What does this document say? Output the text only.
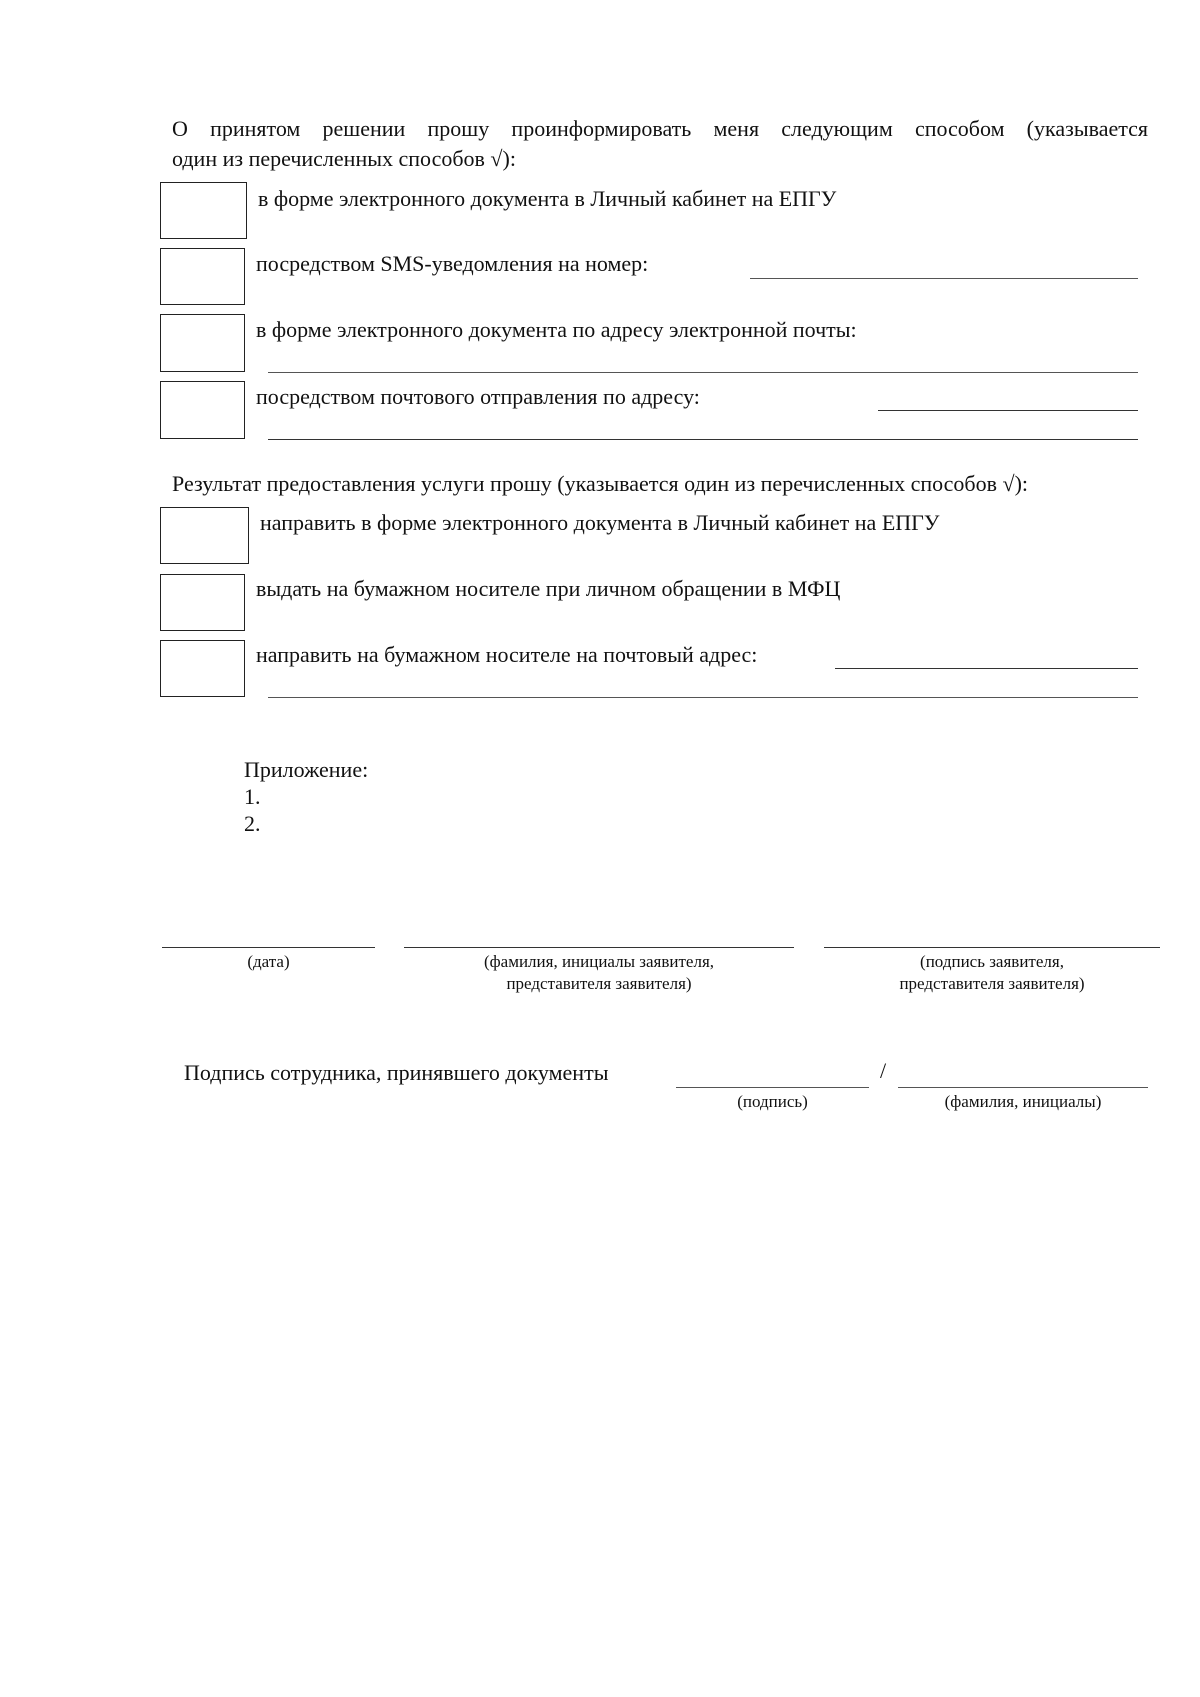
О принятом решении прошу проинформировать меня следующим способом (указывается
один из перечисленных способов √):
в форме электронного документа в Личный кабинет на ЕПГУ
посредством SMS-уведомления на номер:
в форме электронного документа по адресу электронной почты:
посредством почтового отправления по адресу:
Результат предоставления услуги прошу (указывается один из перечисленных способов √):
направить в форме электронного документа в Личный кабинет на ЕПГУ
выдать на бумажном носителе при личном обращении в МФЦ
направить на бумажном носителе на почтовый адрес:
Приложение:
1.
2.
(дата)	(фамилия, инициалы заявителя,
представителя заявителя)
(подпись заявителя,
представителя заявителя)
Подпись сотрудника, принявшего документы	/
(подпись)	(фамилия, инициалы)
